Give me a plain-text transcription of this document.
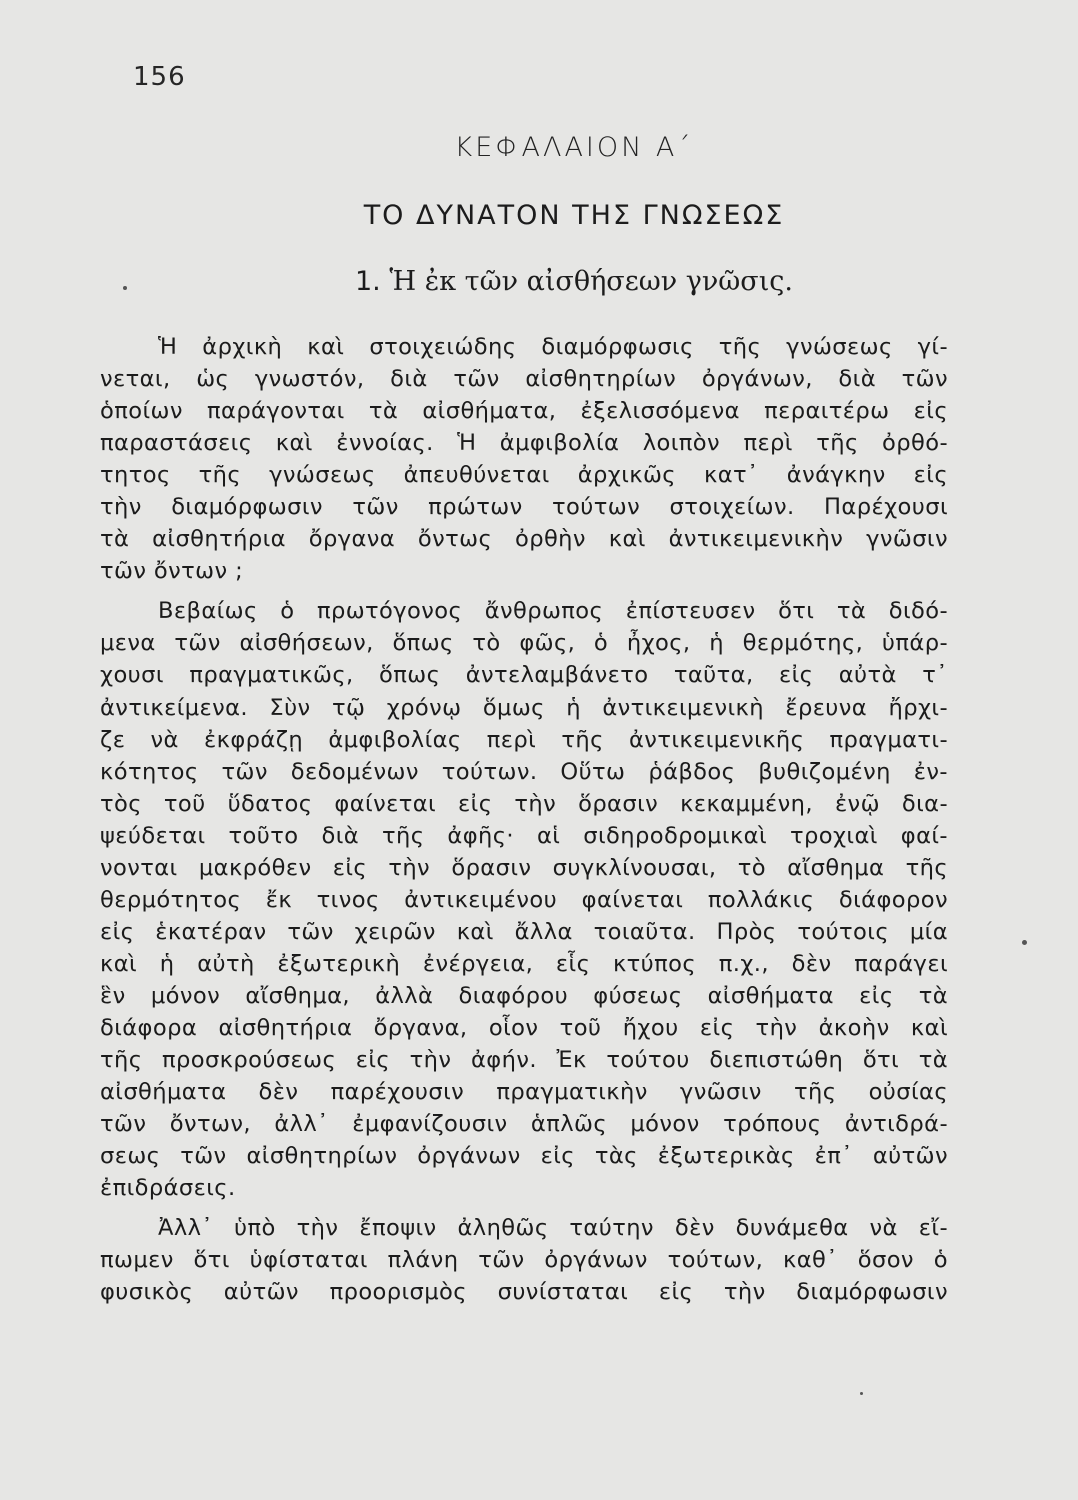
156
ΚΕΦΑΛΑΙΟΝ Α΄
ΤΟ ΔΥΝΑΤΟΝ ΤΗΣ ΓΝΩΣΕΩΣ
1. Ἡ ἐκ τῶν αἰσθήσεων γνῶσις.
Ἡ ἀρχικὴ καὶ στοιχειώδης διαμόρφωσις τῆς γνώσεως γί-
νεται, ὡς γνωστόν, διὰ τῶν αἰσθητηρίων ὀργάνων, διὰ τῶν
ὁποίων παράγονται τὰ αἰσθήματα, ἐξελισσόμενα περαιτέρω εἰς
παραστάσεις καὶ ἐννοίας. Ἡ ἀμφιβολία λοιπὸν περὶ τῆς ὀρθό-
τητος τῆς γνώσεως ἀπευθύνεται ἀρχικῶς κατ᾽ ἀνάγκην εἰς
τὴν διαμόρφωσιν τῶν πρώτων τούτων στοιχείων. Παρέχουσι
τὰ αἰσθητήρια ὄργανα ὄντως ὀρθὴν καὶ ἀντικειμενικὴν γνῶσιν
τῶν ὄντων ;
Βεβαίως ὁ πρωτόγονος ἄνθρωπος ἐπίστευσεν ὅτι τὰ διδό-
μενα τῶν αἰσθήσεων, ὅπως τὸ φῶς, ὁ ἦχος, ἡ θερμότης, ὑπάρ-
χουσι πραγματικῶς, ὅπως ἀντελαμβάνετο ταῦτα, εἰς αὐτὰ τ᾽
ἀντικείμενα. Σὺν τῷ χρόνῳ ὅμως ἡ ἀντικειμενικὴ ἔρευνα ἤρχι-
ζε νὰ ἐκφράζῃ ἀμφιβολίας περὶ τῆς ἀντικειμενικῆς πραγματι-
κότητος τῶν δεδομένων τούτων. Οὕτω ῥάβδος βυθιζομένη ἐν-
τὸς τοῦ ὕδατος φαίνεται εἰς τὴν ὅρασιν κεκαμμένη, ἐνῷ δια-
ψεύδεται τοῦτο διὰ τῆς ἀφῆς· αἱ σιδηροδρομικαὶ τροχιαὶ φαί-
νονται μακρόθεν εἰς τὴν ὅρασιν συγκλίνουσαι, τὸ αἴσθημα τῆς
θερμότητος ἔκ τινος ἀντικειμένου φαίνεται πολλάκις διάφορον
εἰς ἑκατέραν τῶν χειρῶν καὶ ἄλλα τοιαῦτα. Πρὸς τούτοις μία
καὶ ἡ αὐτὴ ἐξωτερικὴ ἐνέργεια, εἷς κτύπος π.χ., δὲν παράγει
ἓν μόνον αἴσθημα, ἀλλὰ διαφόρου φύσεως αἰσθήματα εἰς τὰ
διάφορα αἰσθητήρια ὄργανα, οἷον τοῦ ἤχου εἰς τὴν ἀκοὴν καὶ
τῆς προσκρούσεως εἰς τὴν ἀφήν. Ἐκ τούτου διεπιστώθη ὅτι τὰ
αἰσθήματα δὲν παρέχουσιν πραγματικὴν γνῶσιν τῆς οὐσίας
τῶν ὄντων, ἀλλ᾽ ἐμφανίζουσιν ἁπλῶς μόνον τρόπους ἀντιδρά-
σεως τῶν αἰσθητηρίων ὀργάνων εἰς τὰς ἐξωτερικὰς ἐπ᾽ αὐτῶν
ἐπιδράσεις.
Ἀλλ᾽ ὑπὸ τὴν ἔποψιν ἀληθῶς ταύτην δὲν δυνάμεθα νὰ εἴ-
πωμεν ὅτι ὑφίσταται πλάνη τῶν ὀργάνων τούτων, καθ᾽ ὅσον ὁ
φυσικὸς αὐτῶν προορισμὸς συνίσταται εἰς τὴν διαμόρφωσιν
